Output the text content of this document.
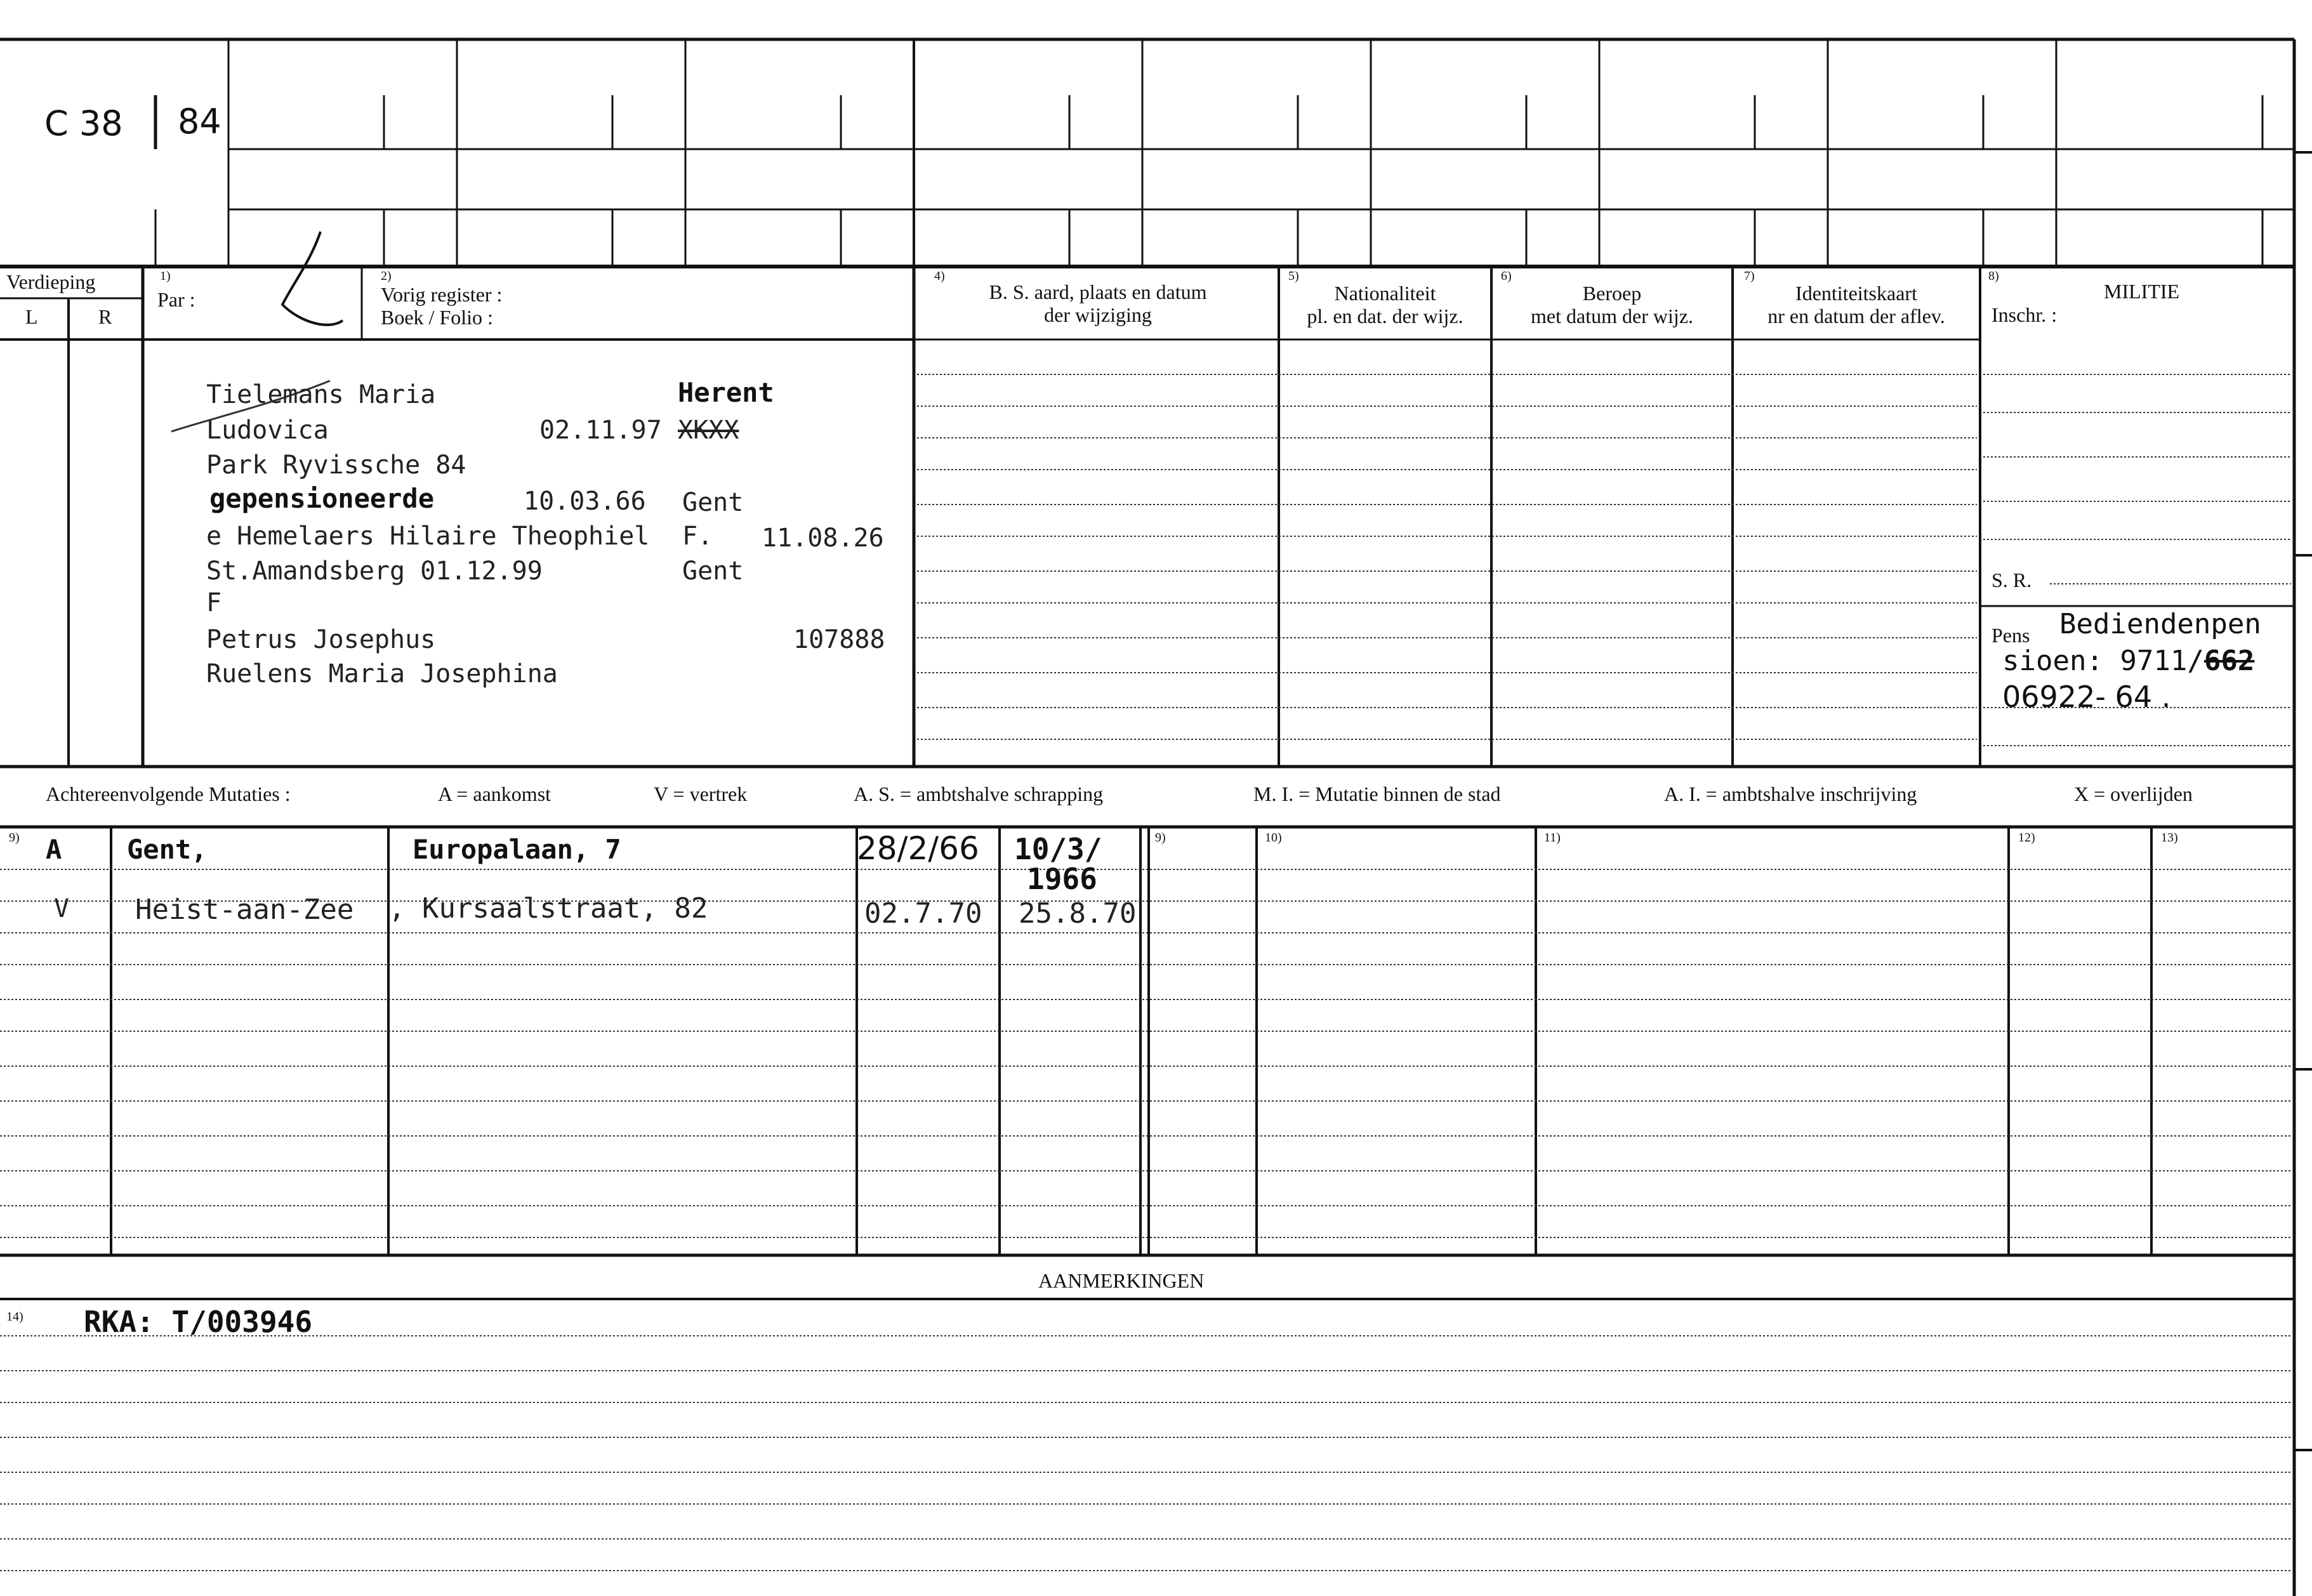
C 38 84
Verdieping
L	R
1)
Par :
2)
Vorig register :
Boek / Folio :
4)
B. S. aard, plaats en datum
der wijziging
5)
Nationaliteit
pl. en dat. der wijz.
6)
Beroep
met datum der wijz.
7)
Identiteitskaart
nr en datum der aflev.
8)
MILITIE
Inschr. :
S. R.
Pens
Tielemans Maria	Herent
Ludovica	02.11.97 XKXX
Park Ryvissche 84
gepensioneerde	10.03.66 Gent
e Hemelaers Hilaire Theophiel F. 11.08.26
St.Amandsberg 01.12.99	Gent
F
Petrus Josephus	107888
Ruelens Maria Josephina
Bediendenpen
sioen: 9711/662
06922- 64 .
Achtereenvolgende Mutaties :	A = aankomst	V = vertrek	A. S. = ambtshalve schrapping	M. I. = Mutatie binnen de stad	A. I. = ambtshalve inschrijving	X = overlijden
9)	9)	10)	11)	12)	13)
A Gent,	Europalaan, 7	28/2/66 10/3/
1966
V Heist-aan-Zee , Kursaalstraat, 82	02.7.70 25.8.70
AANMERKINGEN
14) RKA: T/003946
